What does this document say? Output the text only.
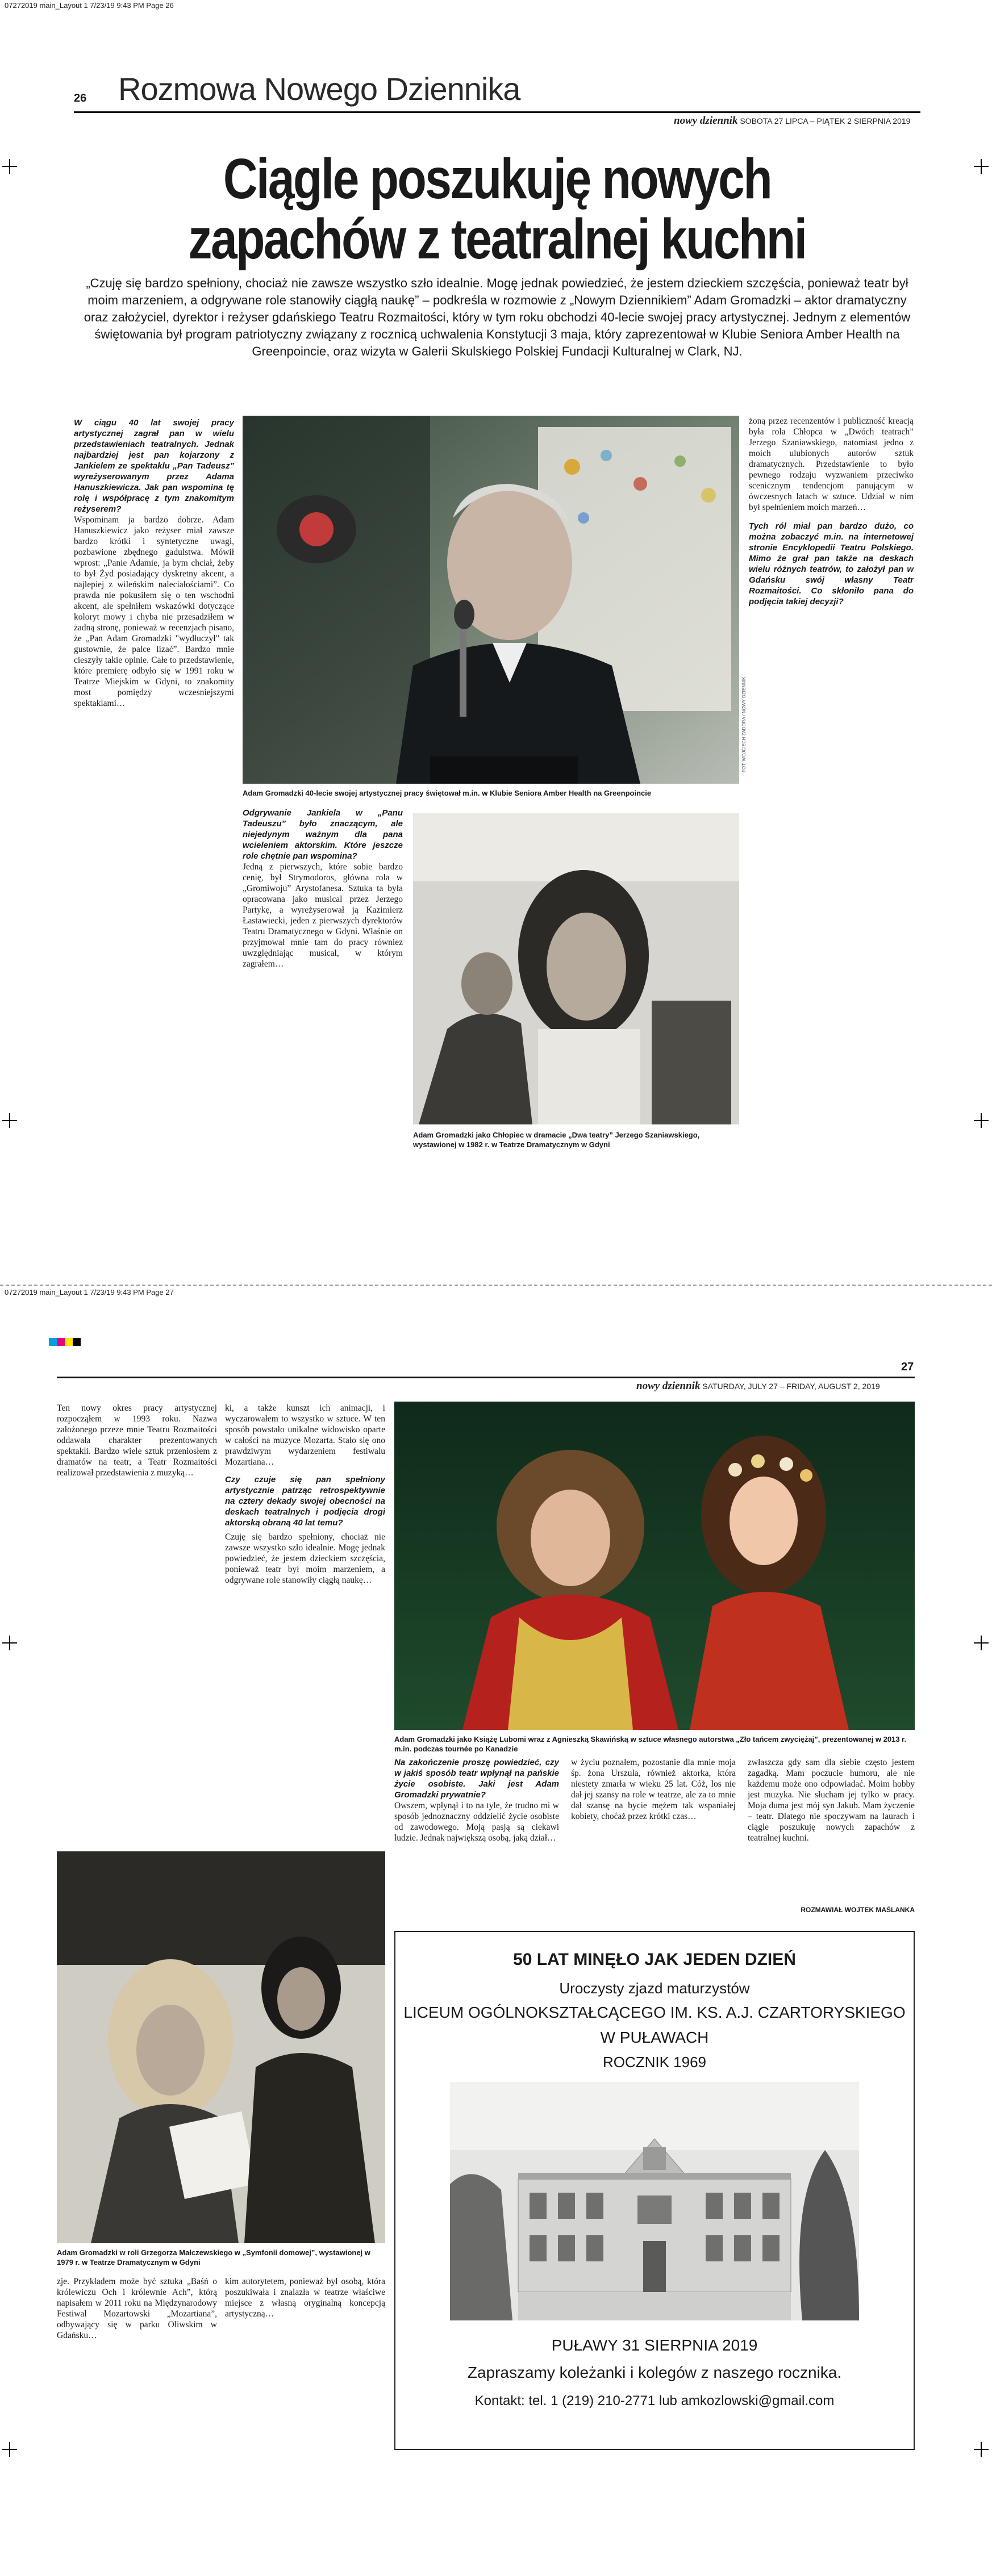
07272019 main_Layout 1 7/23/19 9:43 PM Page 26
26 Rozmowa Nowego Dziennika
nowy dziennik SOBOTA 27 LIPCA – PIĄTEK 2 SIERPNIA 2019
Ciągle poszukuję nowych
zapachów z teatralnej kuchni
„Czuję się bardzo spełniony, chociaż nie zawsze wszystko szło idealnie. Mogę jednak powiedzieć, że jestem dzieckiem szczęścia, ponieważ teatr był moim marzeniem, a odgrywane role stanowiły ciągłą naukę” – podkreśla w rozmowie z „Nowym Dziennikiem” Adam Gromadzki – aktor dramatyczny oraz założyciel, dyrektor i reżyser gdańskiego Teatru Rozmaitości, który w tym roku obchodzi 40-lecie swojej pracy artystycznej. Jednym z elementów świętowania był program patriotyczny związany z rocznicą uchwalenia Konstytucji 3 maja, który zaprezentował w Klubie Seniora Amber Health na Greenpoincie, oraz wizyta w Galerii Skulskiego Polskiej Fundacji Kulturalnej w Clark, NJ.
W ciągu 40 lat swojej pracy artystycznej zagrał pan w wielu przedstawieniach teatralnych. Jednak najbardziej jest pan kojarzony z Jankielem ze spektaklu „Pan Tadeusz” wyreżyserowanym przez Adama Hanuszkiewicza. Jak pan wspomina tę rolę i współpracę z tym znakomitym reżyserem?
Wspominam ja bardzo dobrze. Adam Hanuszkiewicz jako reżyser miał zawsze bardzo krótki i syntetyczne uwagi, pozbawione zbędnego gadulstwa. Mówił wprost: „Panie Adamie, ja bym chciał, żeby to był Żyd posiadający dyskretny akcent, a najlepiej z wileńskim naleciałościami”. Co prawda nie pokusiłem się o ten wschodni akcent, ale spełniłem wskazówki dotyczące koloryt mowy i chyba nie przesadziłem w żadną stronę, ponieważ w recenzjach pisano, że „Pan Adam Gromadzki "wydłuczył" tak gustownie, że palce lizać”. Bardzo mnie cieszyły takie opinie. Całe to przedstawienie, które premierę odbyło się w 1991 roku w Teatrze Miejskim w Gdyni, to znakomity most pomiędzy wczesniejszymi spektaklami…	FOT. WOJCIECH ZADORA / NOWY DZIENNIK
Adam Gromadzki 40-lecie swojej artystycznej pracy świętował m.in. w Klubie Seniora Amber Health na Greenpoincie
Odgrywanie Jankiela w „Panu Tadeuszu” było znaczącym, ale niejedynym ważnym dla pana wcieleniem aktorskim. Które jeszcze role chętnie pan wspomina?
Jedną z pierwszych, które sobie bardzo cenię, był Strymodoros, główna rola w „Gromiwoju” Arystofanesa. Sztuka ta była opracowana jako musical przez Jerzego Partykę, a wyreżyserował ją Kazimierz Łastawiecki, jeden z pierwszych dyrektorów Teatru Dramatycznego w Gdyni. Właśnie on przyjmował mnie tam do pracy równiez uwzględniając musical, w którym zagrałem…
Adam Gromadzki jako Chłopiec w dramacie „Dwa teatry” Jerzego Szaniawskiego, wystawionej w 1982 r. w Teatrze Dramatycznym w Gdyni
żoną przez recenzentów i publiczność kreacją była rola Chłopca w „Dwóch teatrach” Jerzego Szaniawskiego, natomiast jedno z moich ulubionych autorów sztuk dramatycznych. Przedstawienie to było pewnego rodzaju wyzwaniem przeciwko scenicznym tendencjom panującym w ówczesnych latach w sztuce. Udział w nim był spełnieniem moich marzeń…
Tych ról mial pan bardzo dużo, co można zobaczyć m.in. na internetowej stronie Encyklopedii Teatru Polskiego. Mimo że grał pan także na deskach wielu różnych teatrów, to założył pan w Gdańsku swój własny Teatr Rozmaitości. Co skłoniło pana do podjęcia takiej decyzji?
07272019 main_Layout 1 7/23/19 9:43 PM Page 27
27
nowy dziennik SATURDAY, JULY 27 – FRIDAY, AUGUST 2, 2019
Ten nowy okres pracy artystycznej rozpocząłem w 1993 roku. Nazwa założonego przeze mnie Teatru Rozmaitości oddawała charakter prezentowanych spektakli. Bardzo wiele sztuk przeniosłem z dramatów na teatr, a Teatr Rozmaitości realizował przedstawienia z muzyką…
ki, a także kunszt ich animacji, i wyczarowałem to wszystko w sztuce. W ten sposób powstało unikalne widowisko oparte w całości na muzyce Mozarta. Stało się ono prawdziwym wydarzeniem festiwalu Mozartiana…
Czy czuje się pan spełniony artystycznie patrząc retrospektywnie na cztery dekady swojej obecności na deskach teatralnych i podjęcia drogi aktorską obraną 40 lat temu?
Czuję się bardzo spełniony, chociaż nie zawsze wszystko szło idealnie. Mogę jednak powiedzieć, że jestem dzieckiem szczęścia, ponieważ teatr był moim marzeniem, a odgrywane role stanowiły ciągłą naukę…
Adam Gromadzki jako Książę Lubomi wraz z Agnieszką Skawińską w sztuce własnego autorstwa „Zło tańcem zwyciężaj”, prezentowanej w 2013 r. m.in. podczas tournée po Kanadzie
Na zakończenie proszę powiedzieć, czy w jakiś sposób teatr wpłynął na pańskie życie osobiste. Jaki jest Adam Gromadzki prywatnie?
Owszem, wpłynął i to na tyle, że trudno mi w sposób jednoznaczny oddzielić życie osobiste od zawodowego. Moją pasją są ciekawi ludzie. Jednak największą osobą, jaką dział…
w życiu poznałem, pozostanie dla mnie moja śp. żona Urszula, również aktorka, która niestety zmarła w wieku 25 lat. Cóż, los nie dał jej szansy na role w teatrze, ale za to mnie dał szansę na bycie mężem tak wspaniałej kobiety, choćaż przez krótki czas…
zwłaszcza gdy sam dla siebie często jestem zagadką. Mam poczucie humoru, ale nie każdemu może ono odpowiadać. Moim hobby jest muzyka. Nie słucham jej tylko w pracy. Moja duma jest mój syn Jakub. Mam życzenie – teatr. Dlatego nie spoczywam na laurach i ciągle poszukuję nowych zapachów z teatralnej kuchni.
ROZMAWIAŁ WOJTEK MAŚLANKA
Adam Gromadzki w roli Grzegorza Małczewskiego w „Symfonii domowej”, wystawionej w 1979 r. w Teatrze Dramatycznym w Gdyni
zje. Przykładem może być sztuka „Baśń o królewiczu Och i królewnie Ach”, którą napisałem w 2011 roku na Międzynarodowy Festiwal Mozartowski „Mozartiana”, odbywający się w parku Oliwskim w Gdańsku…
kim autorytetem, ponieważ był osobą, która poszukiwała i znalazła w teatrze właściwe miejsce z własną oryginalną koncepcją artystyczną…
50 LAT MINĘŁO JAK JEDEN DZIEŃ
Uroczysty zjazd maturzystów
LICEUM OGÓLNOKSZTAŁCĄCEGO IM. KS. A.J. CZARTORYSKIEGO
W PUŁAWACH
ROCZNIK 1969
PUŁAWY 31 SIERPNIA 2019
Zapraszamy koleżanki i kolegów z naszego rocznika.
Kontakt: tel. 1 (219) 210-2771 lub amkozlowski@gmail.com
